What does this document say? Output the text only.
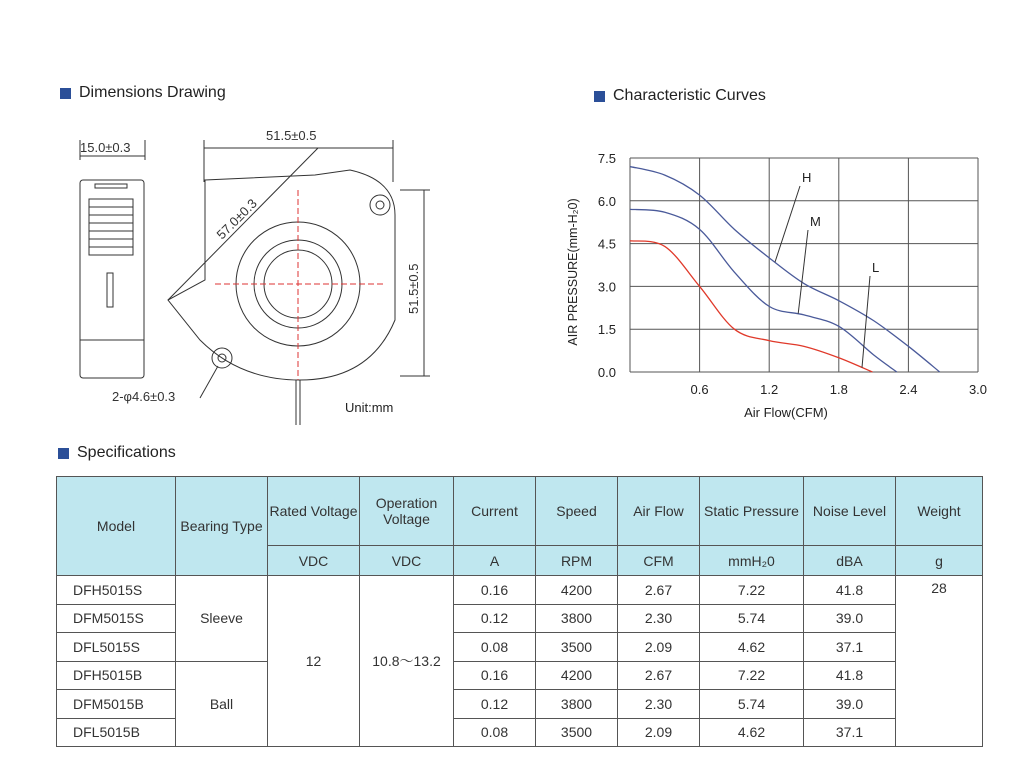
Dimensions Drawing	Characteristic Curves
Specifications
15.0±0.3
51.5±0.5
57.0±0.3
51.5±0.5
2-φ4.6±0.3
Unit:mm
0.6	1.2	1.8	2.4	3.0
7.5
6.0
4.5
3.0
1.5
0.0
H
M
L
AIR PRESSURE(mm-H₂0)
Air Flow(CFM)
Model	Bearing Type	Rated Voltage	Operation Voltage	Current	Speed	Air Flow	Static Pressure	Noise Level	Weight
		VDC	VDC	A	RPM	CFM	mmH₂0	dBA	g
DFH5015S	Sleeve	12	10.8～13.2	0.16	4200	2.67	7.22	41.8	28
DFM5015S				0.12	3800	2.30	5.74	39.0	
DFL5015S				0.08	3500	2.09	4.62	37.1	
DFH5015B	Ball			0.16	4200	2.67	7.22	41.8	
DFM5015B				0.12	3800	2.30	5.74	39.0	
DFL5015B				0.08	3500	2.09	4.62	37.1	
